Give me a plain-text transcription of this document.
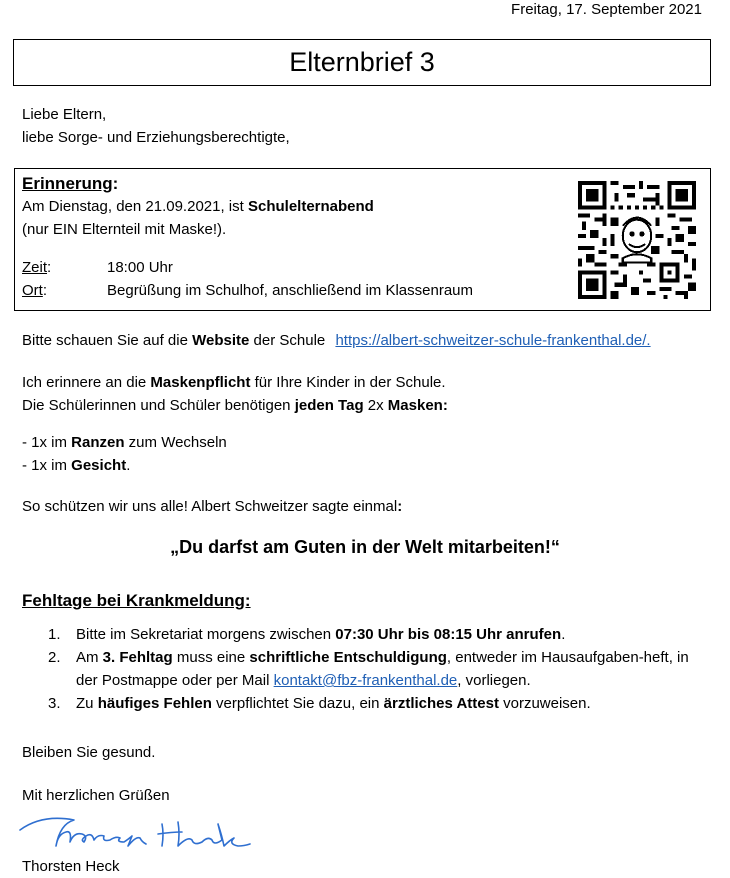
Freitag, 17. September 2021
Elternbrief 3
Liebe Eltern,
liebe Sorge- und Erziehungsberechtigte,
Erinnerung:
Am Dienstag, den 21.09.2021, ist Schulelternabend
(nur EIN Elternteil mit Maske!).
Zeit:	18:00 Uhr
Ort:	Begrüßung im Schulhof, anschließend im Klassenraum
Bitte schauen Sie auf die Website der Schule https://albert-schweitzer-schule-frankenthal.de/.
Ich erinnere an die Maskenpflicht für Ihre Kinder in der Schule.
Die Schülerinnen und Schüler benötigen jeden Tag 2x Masken:
- 1x im Ranzen zum Wechseln
- 1x im Gesicht.
So schützen wir uns alle! Albert Schweitzer sagte einmal:
„Du darfst am Guten in der Welt mitarbeiten!“
Fehltage bei Krankmeldung:
1.	Bitte im Sekretariat morgens zwischen 07:30 Uhr bis 08:15 Uhr anrufen.
2.	Am 3. Fehltag muss eine schriftliche Entschuldigung, entweder im Hausaufgaben-heft, in der Postmappe oder per Mail kontakt@fbz-frankenthal.de, vorliegen.
3.	Zu häufiges Fehlen verpflichtet Sie dazu, ein ärztliches Attest vorzuweisen.
Bleiben Sie gesund.
Mit herzlichen Grüßen
Thorsten Heck
